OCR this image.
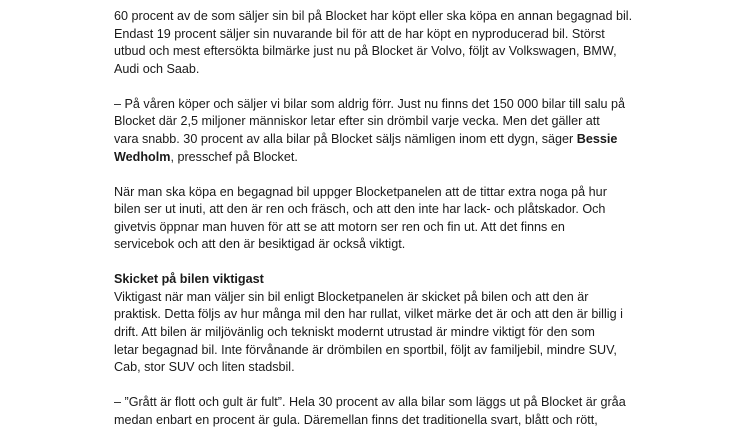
60 procent av de som säljer sin bil på Blocket har köpt eller ska köpa en annan begagnad bil.
Endast 19 procent säljer sin nuvarande bil för att de har köpt en nyproducerad bil. Störst
utbud och mest eftersökta bilmärke just nu på Blocket är Volvo, följt av Volkswagen, BMW,
Audi och Saab.

– På våren köper och säljer vi bilar som aldrig förr. Just nu finns det 150 000 bilar till salu på
Blocket där 2,5 miljoner människor letar efter sin drömbil varje vecka. Men det gäller att
vara snabb. 30 procent av alla bilar på Blocket säljs nämligen inom ett dygn, säger Bessie
Wedholm, presschef på Blocket.

När man ska köpa en begagnad bil uppger Blocketpanelen att de tittar extra noga på hur
bilen ser ut inuti, att den är ren och fräsch, och att den inte har lack- och plåtskador. Och
givetvis öppnar man huven för att se att motorn ser ren och fin ut. Att det finns en
servicebok och att den är besiktigad är också viktigt.

Skicket på bilen viktigast
Viktigast när man väljer sin bil enligt Blocketpanelen är skicket på bilen och att den är
praktisk. Detta följs av hur många mil den har rullat, vilket märke det är och att den är billig i
drift. Att bilen är miljövänlig och tekniskt modernt utrustad är mindre viktigt för den som
letar begagnad bil. Inte förvånande är drömbilen en sportbil, följt av familjebil, mindre SUV,
Cab, stor SUV och liten stadsbil.

– ”Grått är flott och gult är fult”. Hela 30 procent av alla bilar som läggs ut på Blocket är gråa
medan enbart en procent är gula. Däremellan finns det traditionella svart, blått och rött,
